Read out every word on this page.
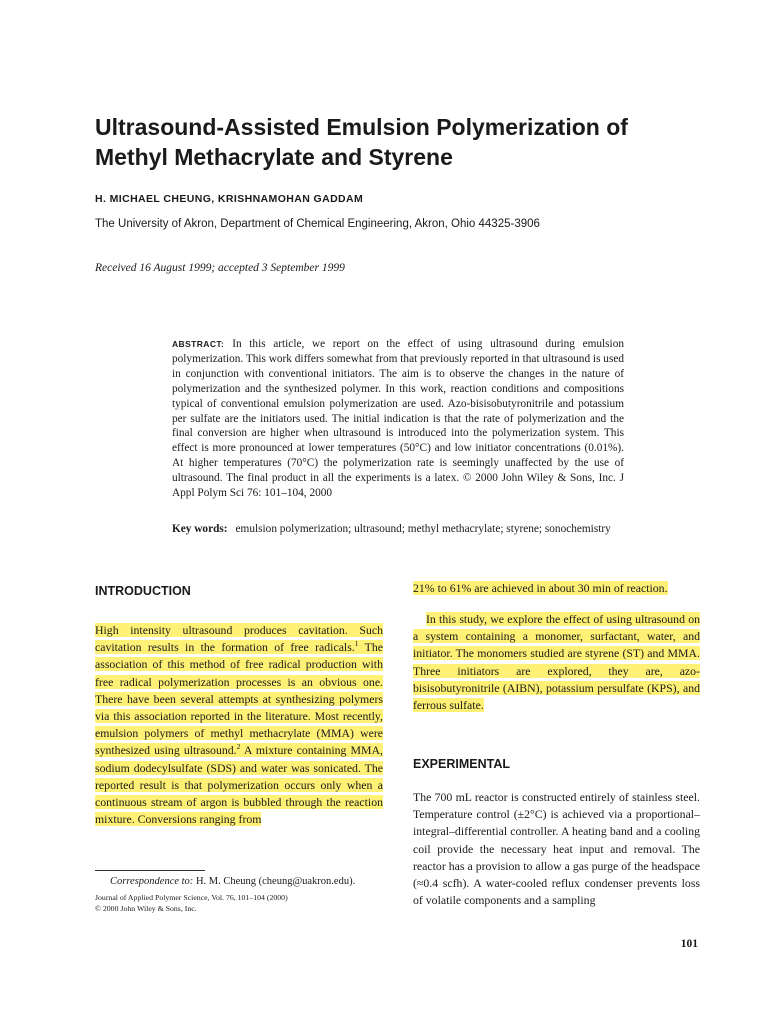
Ultrasound-Assisted Emulsion Polymerization of Methyl Methacrylate and Styrene
H. MICHAEL CHEUNG, KRISHNAMOHAN GADDAM
The University of Akron, Department of Chemical Engineering, Akron, Ohio 44325-3906
Received 16 August 1999; accepted 3 September 1999

ABSTRACT: In this article, we report on the effect of using ultrasound during emulsion polymerization. This work differs somewhat from that previously reported in that ultrasound is used in conjunction with conventional initiators. The aim is to observe the changes in the nature of polymerization and the synthesized polymer. In this work, reaction conditions and compositions typical of conventional emulsion polymerization are used. Azo-bisisobutyronitrile and potassium per sulfate are the initiators used. The initial indication is that the rate of polymerization and the final conversion are higher when ultrasound is introduced into the polymerization system. This effect is more pronounced at lower temperatures (50°C) and low initiator concentrations (0.01%). At higher temperatures (70°C) the polymerization rate is seemingly unaffected by the use of ultrasound. The final product in all the experiments is a latex. © 2000 John Wiley & Sons, Inc. J Appl Polym Sci 76: 101–104, 2000

Key words: emulsion polymerization; ultrasound; methyl methacrylate; styrene; sonochemistry

INTRODUCTION

High intensity ultrasound produces cavitation. Such cavitation results in the formation of free radicals.$^1$ The association of this method of free radical production with free radical polymerization processes is an obvious one. There have been several attempts at synthesizing polymers via this association reported in the literature. Most recently, emulsion polymers of methyl methacrylate (MMA) were synthesized using ultrasound.$^2$ A mixture containing MMA, sodium dodecylsulfate (SDS) and water was sonicated. The reported result is that polymerization occurs only when a continuous stream of argon is bubbled through the reaction mixture. Conversions ranging from

21% to 61% are achieved in about 30 min of reaction.

In this study, we explore the effect of using ultrasound on a system containing a monomer, surfactant, water, and initiator. The monomers studied are styrene (ST) and MMA. Three initiators are explored, they are, azo-bisisobutyronitrile (AIBN), potassium persulfate (KPS), and ferrous sulfate.

EXPERIMENTAL

The 700 mL reactor is constructed entirely of stainless steel. Temperature control (±2°C) is achieved via a proportional–integral–differential controller. A heating band and a cooling coil provide the necessary heat input and removal. The reactor has a provision to allow a gas purge of the headspace (≈0.4 scfh). A water-cooled reflux condenser prevents loss of volatile components and a sampling

Correspondence to: H. M. Cheung (cheung@uakron.edu).
Journal of Applied Polymer Science, Vol. 76, 101–104 (2000)
© 2000 John Wiley & Sons, Inc.
101
